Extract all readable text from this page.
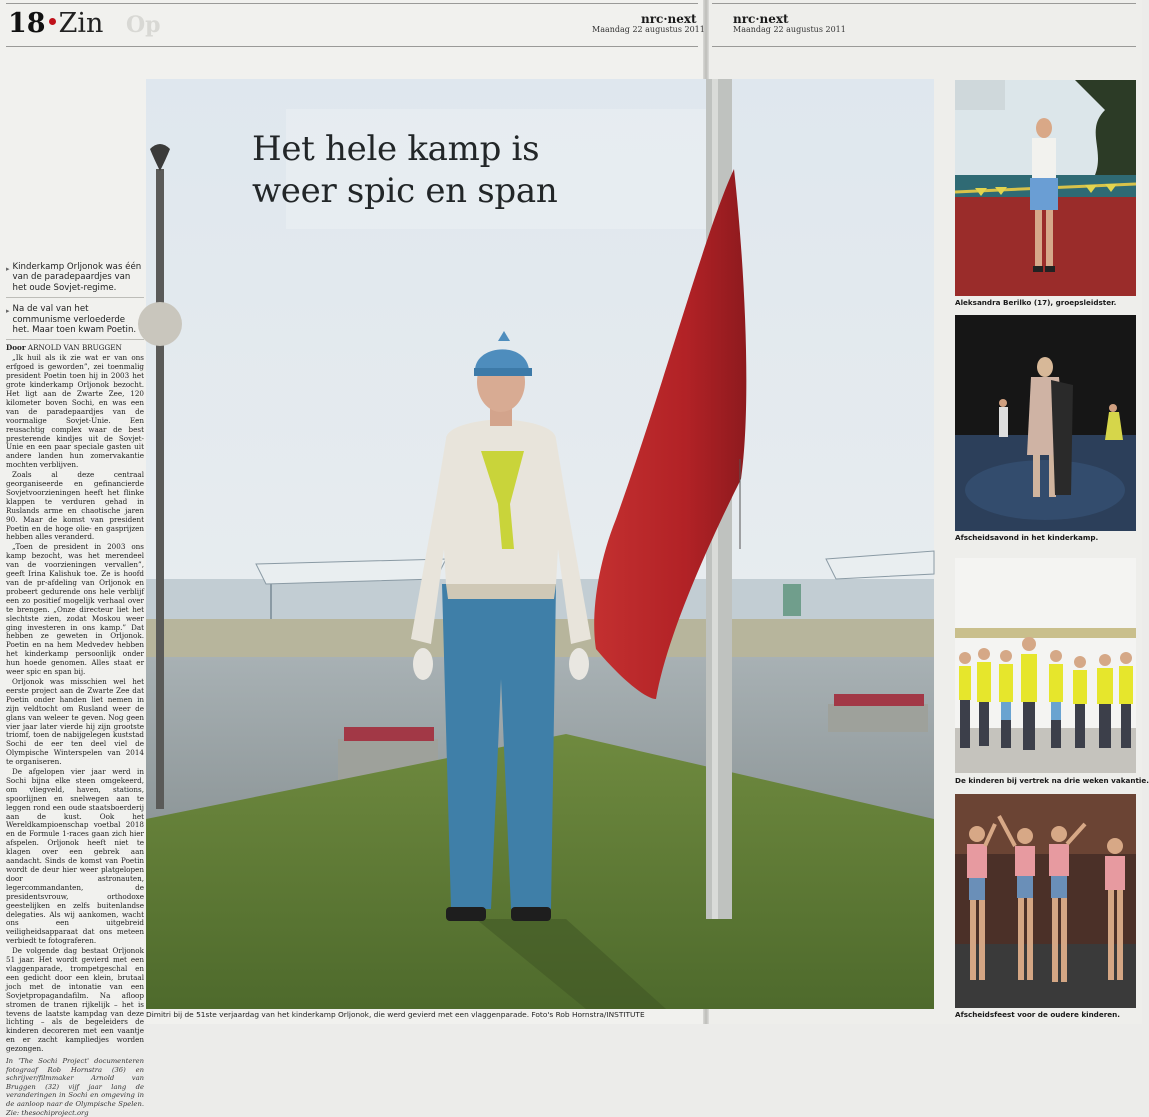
18 Zin Op	nrc·next
Maandag 22 augustus 2011
nrc·next
Maandag 22 augustus 2011
▸ Kinderkamp Orljonok was één van de paradepaardjes van het oude Sovjet-regime.
▸ Na de val van het communisme verloederde het. Maar toen kwam Poetin.
Door ARNOLD VAN BRUGGEN

„Ik huil als ik zie wat er van ons erfgoed is geworden”, zei toenmalig president Poetin toen hij in 2003 het grote kinderkamp Orljonok bezocht. Het ligt aan de Zwarte Zee, 120 kilometer boven Sochi, en was een van de paradepaardjes van de voormalige Sovjet-Unie. Een reusachtig complex waar de best presterende kindjes uit de Sovjet-Unie en een paar speciale gasten uit andere landen hun zomervakantie mochten verblijven.

Zoals al deze centraal georganiseerde en gefinancierde Sovjetvoorzieningen heeft het flinke klappen te verduren gehad in Ruslands arme en chaotische jaren 90. Maar de komst van president Poetin en de hoge olie- en gasprijzen hebben alles veranderd.

„Toen de president in 2003 ons kamp bezocht, was het merendeel van de voorzieningen vervallen”, geeft Irina Kalishuk toe. Ze is hoofd van de pr-afdeling van Orljonok en probeert gedurende ons hele verblijf een zo positief mogelijk verhaal over te brengen. „Onze directeur liet het slechtste zien, zodat Moskou weer ging investeren in ons kamp.” Dat hebben ze geweten in Orljonok. Poetin en na hem Medvedev hebben het kinderkamp persoonlijk onder hun hoede genomen. Alles staat er weer spic en span bij.

Orljonok was misschien wel het eerste project aan de Zwarte Zee dat Poetin onder handen liet nemen in zijn veldtocht om Rusland weer de glans van weleer te geven. Nog geen vier jaar later vierde hij zijn grootste triomf, toen de nabijgelegen kuststad Sochi de eer ten deel viel de Olympische Winterspelen van 2014 te organiseren.

De afgelopen vier jaar werd in Sochi bijna elke steen omgekeerd, om vliegveld, haven, stations, spoorlijnen en snelwegen aan te leggen rond een oude staatsboerderij aan de kust. Ook het Wereldkampioenschap voetbal 2018 en de Formule 1-races gaan zich hier afspelen. Orljonok heeft niet te klagen over een gebrek aan aandacht. Sinds de komst van Poetin wordt de deur hier weer platgelopen door astronauten, legercommandanten, de presidentsvrouw, orthodoxe geestelijken en zelfs buitenlandse delegaties. Als wij aankomen, wacht ons een uitgebreid veiligheidsapparaat dat ons meteen verbiedt te fotograferen.

De volgende dag bestaat Orljonok 51 jaar. Het wordt gevierd met een vlaggenparade, trompetgeschal en een gedicht door een klein, brutaal joch met de intonatie van een Sovjetpropagandafilm. Na afloop stromen de tranen rijkelijk – het is tevens de laatste kampdag van deze lichting – als de begeleiders de kinderen decoreren met een vaantje en er zacht kampliedjes worden gezongen.

In 'The Sochi Project' documenteren fotograaf Rob Hornstra (36) en schrijver/filmmaker Arnold van Bruggen (32) vijf jaar lang de veranderingen in Sochi en omgeving in de aanloop naar de Olympische Spelen. Zie: thesochiproject.org

Het hele kamp is
weer spic en span
Dimitri bij de 51ste verjaardag van het kinderkamp Orljonok, die werd gevierd met een vlaggenparade. Foto's Rob Hornstra/INSTITUTE
Aleksandra Berilko (17), groepsleidster.
Afscheidsavond in het kinderkamp.
De kinderen bij vertrek na drie weken vakantie.
Afscheidsfeest voor de oudere kinderen.
